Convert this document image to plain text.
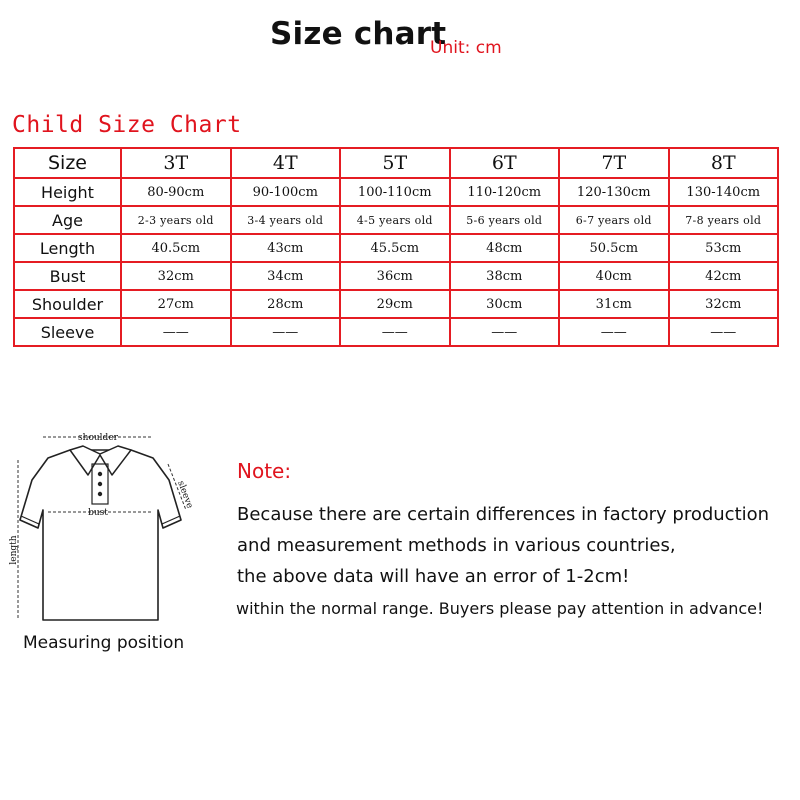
Size chart
Unit: cm
Child Size Chart
Size	3T	4T	5T	6T	7T	8T
Height	80-90cm	90-100cm	100-110cm	110-120cm	120-130cm	130-140cm
Age	2-3 years old	3-4 years old	4-5 years old	5-6 years old	6-7 years old	7-8 years old
Length	40.5cm	43cm	45.5cm	48cm	50.5cm	53cm
Bust	32cm	34cm	36cm	38cm	40cm	42cm
Shoulder	27cm	28cm	29cm	30cm	31cm	32cm
Sleeve	——	——	——	——	——	——
shoulder
sleeve
bust
length
Measuring position
Note:
Because there are certain differences in factory production
and measurement methods in various countries,
the above data will have an error of 1-2cm!
within the normal range. Buyers please pay attention in advance!
